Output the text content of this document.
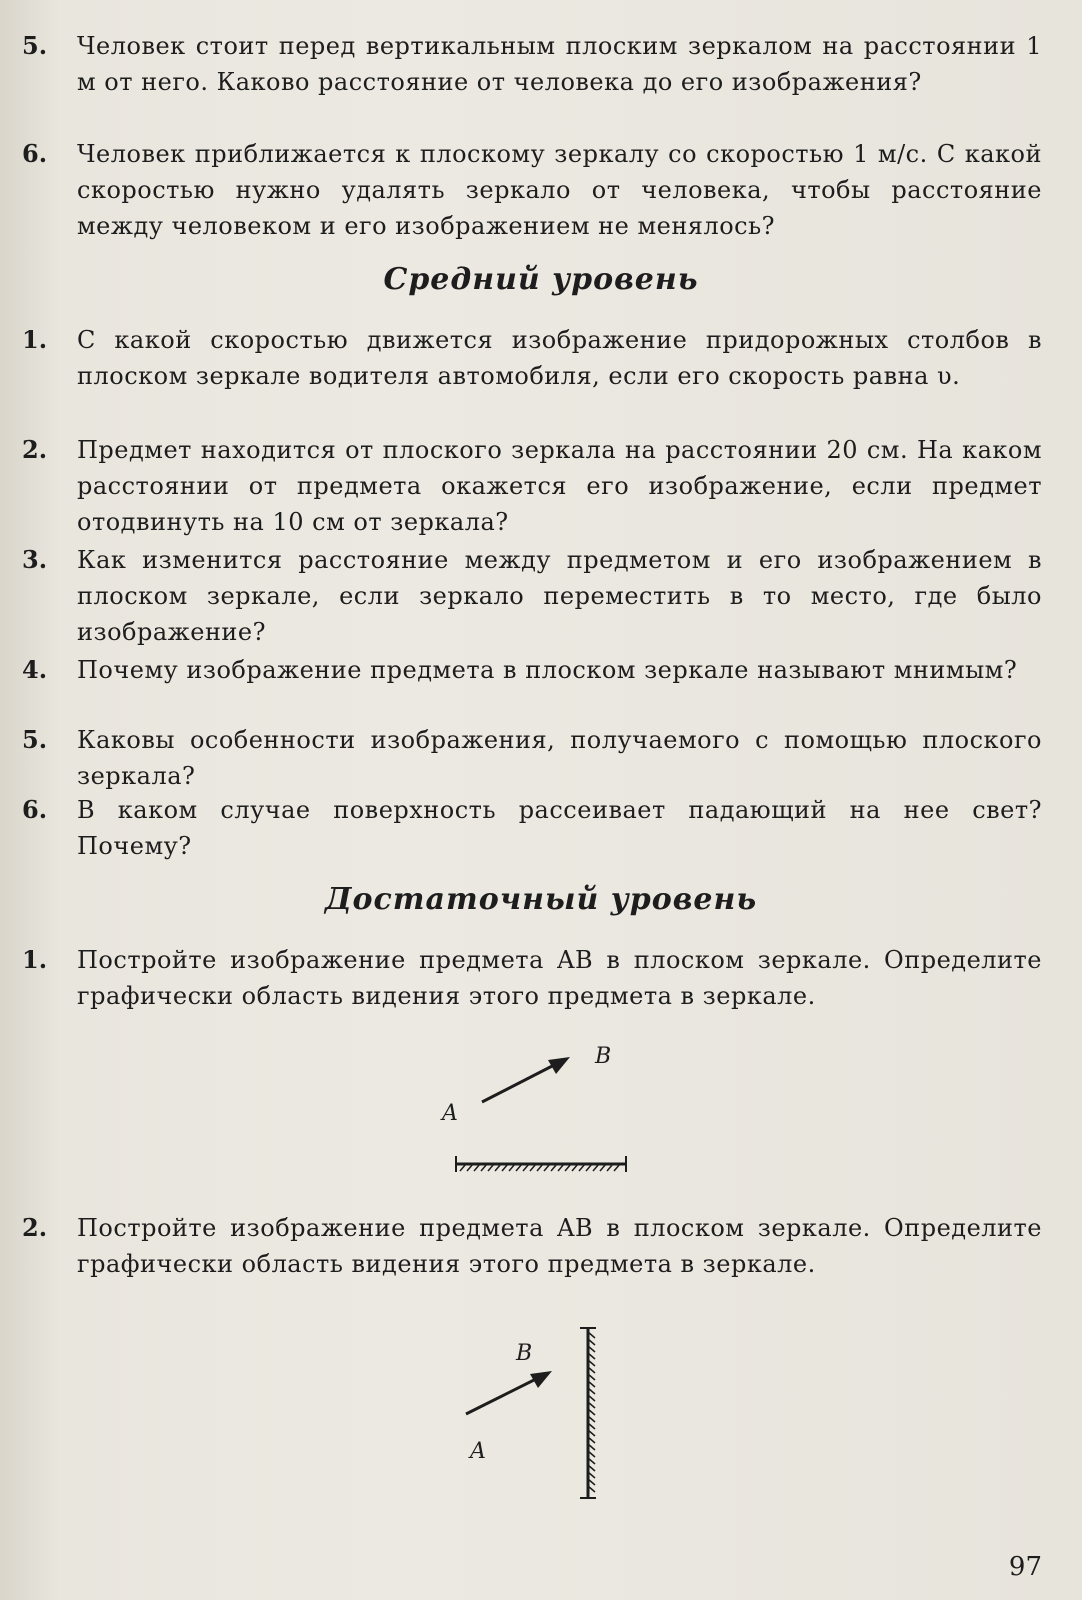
5.	Человек стоит перед вертикальным плоским зеркалом на расстоянии 1 м от него. Каково расстояние от человека до его изображения?
6.	Человек приближается к плоскому зеркалу со скоростью 1 м/с. С какой скоростью нужно удалять зеркало от человека, чтобы расстояние между человеком и его изображением не менялось?
Средний уровень
1.	С какой скоростью движется изображение придорожных столбов в плоском зеркале водителя автомобиля, если его скорость равна υ.
2.	Предмет находится от плоского зеркала на расстоянии 20 см. На каком расстоянии от предмета окажется его изображение, если предмет отодвинуть на 10 см от зеркала?
3.	Как изменится расстояние между предметом и его изображением в плоском зеркале, если зеркало переместить в то место, где было изображение?
4.	Почему изображение предмета в плоском зеркале называют мнимым?
5.	Каковы особенности изображения, получаемого с помощью плоского зеркала?
6.	В каком случае поверхность рассеивает падающий на нее свет? Почему?
Достаточный уровень
1.	Постройте изображение предмета AB в плоском зеркале. Определите графически область видения этого предмета в зеркале.
B
A
2.	Постройте изображение предмета AB в плоском зеркале. Определите графически область видения этого предмета в зеркале.
B
A
97
